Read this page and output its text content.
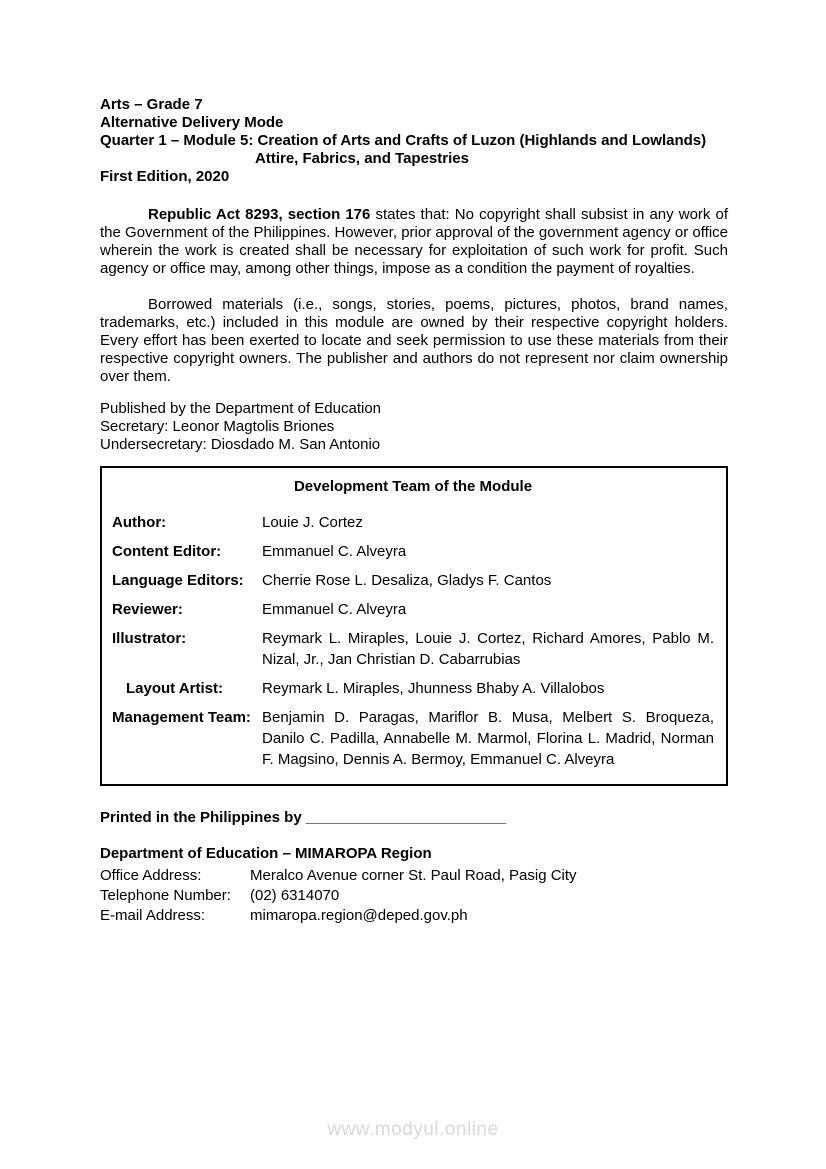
Arts – Grade 7
Alternative Delivery Mode
Quarter 1 – Module 5: Creation of Arts and Crafts of Luzon (Highlands and Lowlands)
Attire, Fabrics, and Tapestries
First Edition, 2020

Republic Act 8293, section 176 states that: No copyright shall subsist in any work of the Government of the Philippines. However, prior approval of the government agency or office wherein the work is created shall be necessary for exploitation of such work for profit. Such agency or office may, among other things, impose as a condition the payment of royalties.

Borrowed materials (i.e., songs, stories, poems, pictures, photos, brand names, trademarks, etc.) included in this module are owned by their respective copyright holders. Every effort has been exerted to locate and seek permission to use these materials from their respective copyright owners. The publisher and authors do not represent nor claim ownership over them.

Published by the Department of Education
Secretary: Leonor Magtolis Briones
Undersecretary: Diosdado M. San Antonio
Development Team of the Module
Author:	Louie J. Cortez
Content Editor:	Emmanuel C. Alveyra
Language Editors:	Cherrie Rose L. Desaliza, Gladys F. Cantos
Reviewer:	Emmanuel C. Alveyra
Illustrator:	Reymark L. Miraples, Louie J. Cortez, Richard Amores, Pablo M. Nizal, Jr., Jan Christian D. Cabarrubias
Layout Artist:	Reymark L. Miraples, Jhunness Bhaby A. Villalobos
Management Team: Benjamin D. Paragas, Mariflor B. Musa, Melbert S. Broqueza, Danilo C. Padilla, Annabelle M. Marmol, Florina L. Madrid, Norman F. Magsino, Dennis A. Bermoy, Emmanuel C. Alveyra
Printed in the Philippines by ________________________
Department of Education – MIMAROPA Region
Office Address:	Meralco Avenue corner St. Paul Road, Pasig City
Telephone Number:	(02) 6314070
E-mail Address:	mimaropa.region@deped.gov.ph
www.modyul.online
